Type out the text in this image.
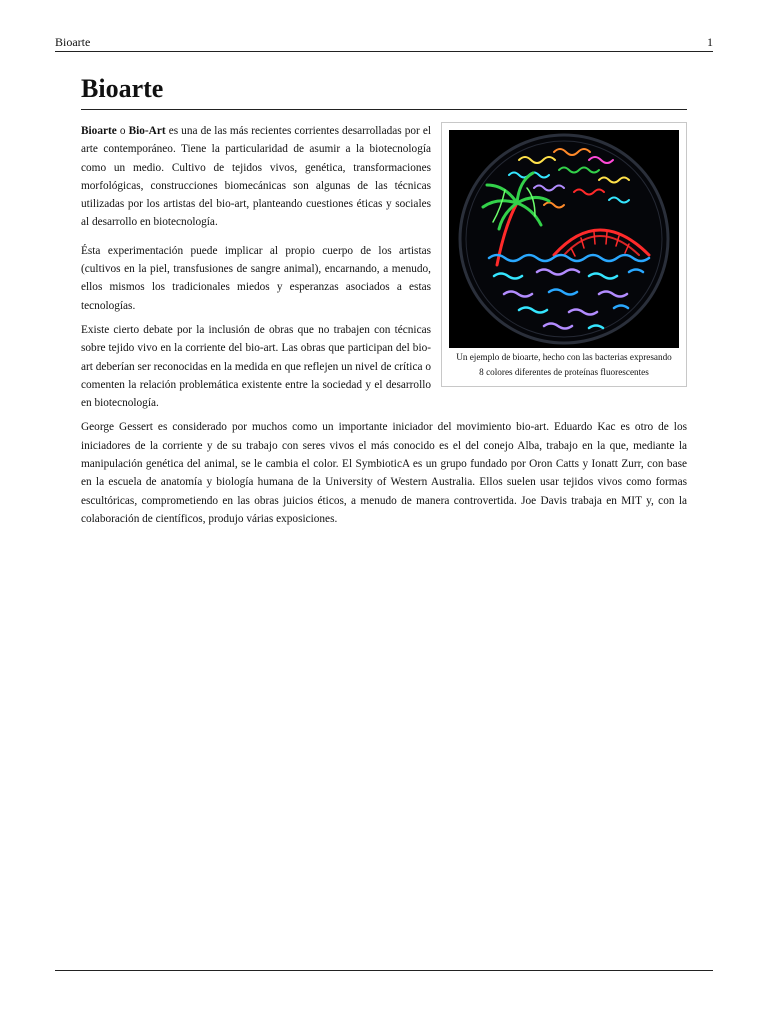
Bioarte	1
Bioarte
Un ejemplo de bioarte, hecho con las bacterias expresando 8 colores diferentes de proteínas fluorescentes

Bioarte o Bio-Art es una de las más recientes corrientes desarrolladas por el arte contemporáneo. Tiene la particularidad de asumir a la biotecnología como un medio. Cultivo de tejidos vivos, genética, transformaciones morfológicas, construcciones biomecánicas son algunas de las técnicas utilizadas por los artistas del bio-art, planteando cuestiones éticas y sociales al desarrollo en biotecnología.

Ésta experimentación puede implicar al propio cuerpo de los artistas (cultivos en la piel, transfusiones de sangre animal), encarnando, a menudo, ellos mismos los tradicionales miedos y esperanzas asociados a estas tecnologías.

Existe cierto debate por la inclusión de obras que no trabajen con técnicas sobre tejido vivo en la corriente del bio-art. Las obras que participan del bio-art deberían ser reconocidas en la medida en que reflejen un nivel de crítica o comenten la relación problemática existente entre la sociedad y el desarrollo en biotecnología.

George Gessert es considerado por muchos como un importante iniciador del movimiento bio-art. Eduardo Kac es otro de los iniciadores de la corriente y de su trabajo con seres vivos el más conocido es el del conejo Alba, trabajo en la que, mediante la manipulación genética del animal, se le cambia el color. El SymbioticA es un grupo fundado por Oron Catts y Ionatt Zurr, con base en la escuela de anatomía y biología humana de la University of Western Australia. Ellos suelen usar tejidos vivos como formas escultóricas, comprometiendo en las obras juicios éticos, a menudo de manera controvertida. Joe Davis trabaja en MIT y, con la colaboración de científicos, produjo várias exposiciones.
